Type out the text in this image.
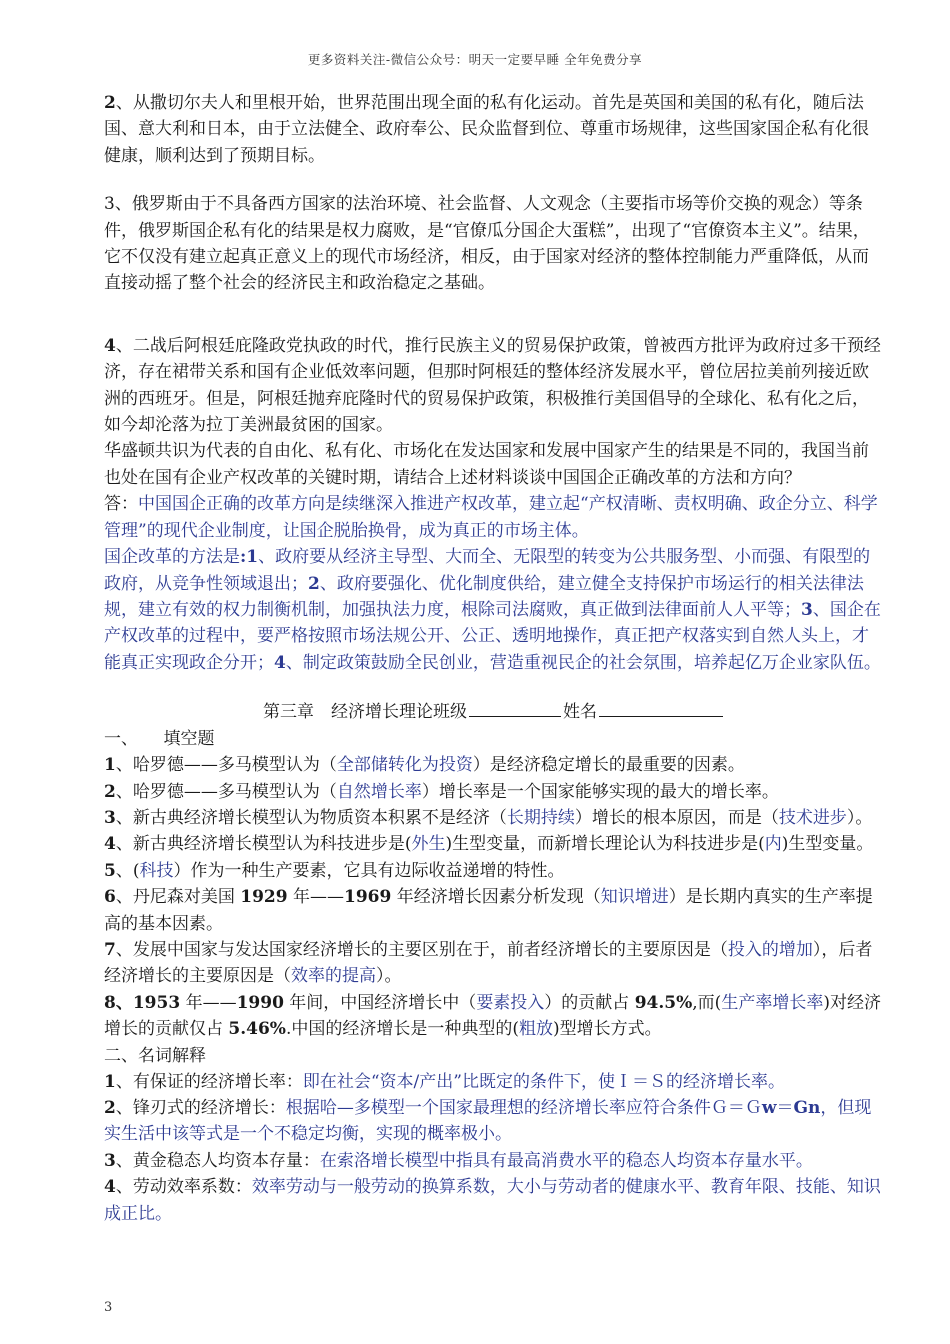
更多资料关注-微信公众号：明天一定要早睡 全年免费分享

2、从撒切尔夫人和里根开始，世界范围出现全面的私有化运动。首先是英国和美国的私有化，随后法国、意大利和日本，由于立法健全、政府奉公、民众监督到位、尊重市场规律，这些国家国企私有化很健康，顺利达到了预期目标。

3、俄罗斯由于不具备西方国家的法治环境、社会监督、人文观念（主要指市场等价交换的观念）等条件，俄罗斯国企私有化的结果是权力腐败，是“官僚瓜分国企大蛋糕”，出现了“官僚资本主义”。结果，它不仅没有建立起真正意义上的现代市场经济，相反，由于国家对经济的整体控制能力严重降低，从而直接动摇了整个社会的经济民主和政治稳定之基础。

4、二战后阿根廷庇隆政党执政的时代，推行民族主义的贸易保护政策，曾被西方批评为政府过多干预经济，存在裙带关系和国有企业低效率问题，但那时阿根廷的整体经济发展水平，曾位居拉美前列接近欧洲的西班牙。但是，阿根廷抛弃庇隆时代的贸易保护政策，积极推行美国倡导的全球化、私有化之后，如今却沦落为拉丁美洲最贫困的国家。

华盛顿共识为代表的自由化、私有化、市场化在发达国家和发展中国家产生的结果是不同的，我国当前也处在国有企业产权改革的关键时期，请结合上述材料谈谈中国国企正确改革的方法和方向？

答：中国国企正确的改革方向是续继深入推进产权改革，建立起“产权清晰、责权明确、政企分立、科学管理”的现代企业制度，让国企脱胎换骨，成为真正的市场主体。

国企改革的方法是:1、政府要从经济主导型、大而全、无限型的转变为公共服务型、小而强、有限型的政府，从竞争性领域退出；2、政府要强化、优化制度供给，建立健全支持保护市场运行的相关法律法规，建立有效的权力制衡机制，加强执法力度，根除司法腐败，真正做到法律面前人人平等；3、国企在产权改革的过程中，要严格按照市场法规公开、公正、透明地操作，真正把产权落实到自然人头上，才能真正实现政企分开；4、制定政策鼓励全民创业，营造重视民企的社会氛围，培养起亿万企业家队伍。

第三章　经济增长理论班级	姓名

一、　　填空题

1、哈罗德——多马模型认为（全部储转化为投资）是经济稳定增长的最重要的因素。

2、哈罗德——多马模型认为（自然增长率）增长率是一个国家能够实现的最大的增长率。

3、新古典经济增长模型认为物质资本积累不是经济（长期持续）增长的根本原因，而是（技术进步）。

4、新古典经济增长模型认为科技进步是(外生)生型变量，而新增长理论认为科技进步是(内)生型变量。

5、(科技）作为一种生产要素，它具有边际收益递增的特性。

6、丹尼森对美国 1929 年——1969 年经济增长因素分析发现（知识增进）是长期内真实的生产率提高的基本因素。

7、发展中国家与发达国家经济增长的主要区别在于，前者经济增长的主要原因是（投入的增加），后者经济增长的主要原因是（效率的提高）。

8、1953 年——1990 年间，中国经济增长中（要素投入）的贡献占 94.5%,而(生产率增长率)对经济增长的贡献仅占 5.46%.中国的经济增长是一种典型的(粗放)型增长方式。

二、名词解释

1、有保证的经济增长率：即在社会“资本/产出”比既定的条件下，使Ｉ＝Ｓ的经济增长率。

2、锋刃式的经济增长：根据哈—多模型一个国家最理想的经济增长率应符合条件Ｇ＝Ｇw＝Gn，但现实生活中该等式是一个不稳定均衡，实现的概率极小。

3、黄金稳态人均资本存量：在索洛增长模型中指具有最高消费水平的稳态人均资本存量水平。

4、劳动效率系数：效率劳动与一般劳动的换算系数，大小与劳动者的健康水平、教育年限、技能、知识成正比。

3
